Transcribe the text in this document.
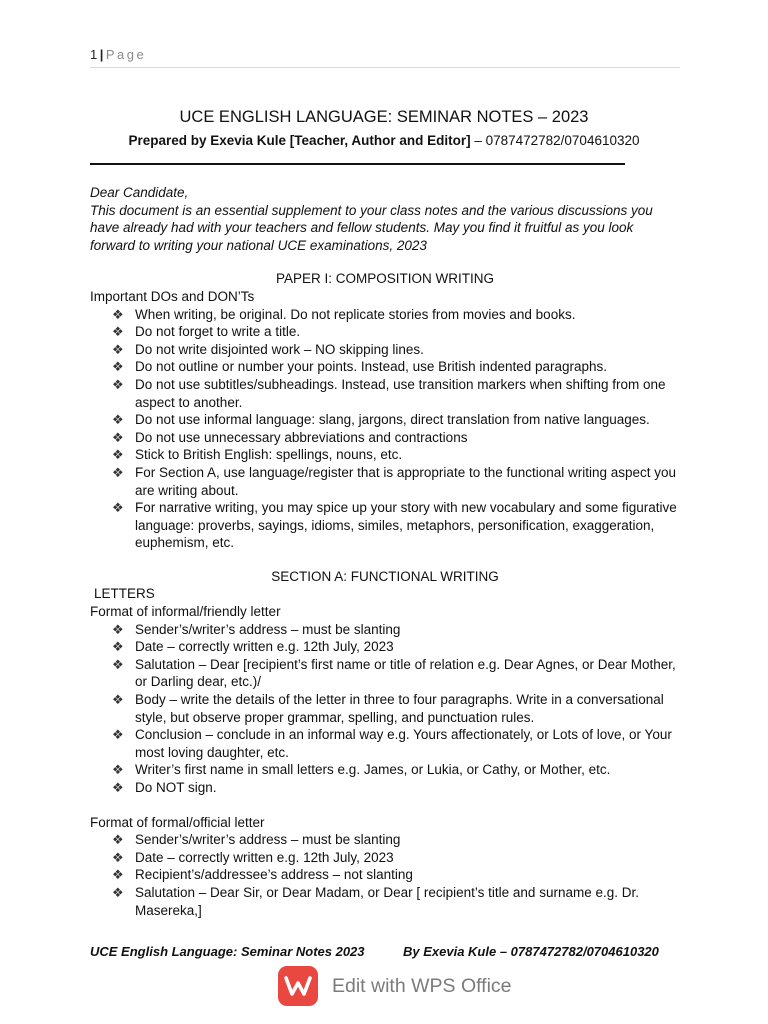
1 | Page
UCE ENGLISH LANGUAGE: SEMINAR NOTES – 2023
Prepared by Exevia Kule [Teacher, Author and Editor] – 0787472782/0704610320
Dear Candidate,
This document is an essential supplement to your class notes and the various discussions you have already had with your teachers and fellow students. May you find it fruitful as you look forward to writing your national UCE examinations, 2023
PAPER I: COMPOSITION WRITING
Important DOs and DON’Ts
❖ When writing, be original. Do not replicate stories from movies and books.
❖ Do not forget to write a title.
❖ Do not write disjointed work – NO skipping lines.
❖ Do not outline or number your points. Instead, use British indented paragraphs.
❖ Do not use subtitles/subheadings. Instead, use transition markers when shifting from one aspect to another.
❖ Do not use informal language: slang, jargons, direct translation from native languages.
❖ Do not use unnecessary abbreviations and contractions
❖ Stick to British English: spellings, nouns, etc.
❖ For Section A, use language/register that is appropriate to the functional writing aspect you are writing about.
❖ For narrative writing, you may spice up your story with new vocabulary and some figurative language: proverbs, sayings, idioms, similes, metaphors, personification, exaggeration, euphemism, etc.
SECTION A: FUNCTIONAL WRITING
LETTERS
Format of informal/friendly letter
❖ Sender’s/writer’s address – must be slanting
❖ Date – correctly written e.g. 12th July, 2023
❖ Salutation – Dear [recipient’s first name or title of relation e.g. Dear Agnes, or Dear Mother, or Darling dear, etc.)/
❖ Body – write the details of the letter in three to four paragraphs. Write in a conversational style, but observe proper grammar, spelling, and punctuation rules.
❖ Conclusion – conclude in an informal way e.g. Yours affectionately, or Lots of love, or Your most loving daughter, etc.
❖ Writer’s first name in small letters e.g. James, or Lukia, or Cathy, or Mother, etc.
❖ Do NOT sign.
Format of formal/official letter
❖ Sender’s/writer’s address – must be slanting
❖ Date – correctly written e.g. 12th July, 2023
❖ Recipient’s/addressee’s address – not slanting
❖ Salutation – Dear Sir, or Dear Madam, or Dear [ recipient’s title and surname e.g. Dr. Masereka,]
UCE English Language: Seminar Notes 2023	By Exevia Kule – 0787472782/0704610320
Edit with WPS Office
